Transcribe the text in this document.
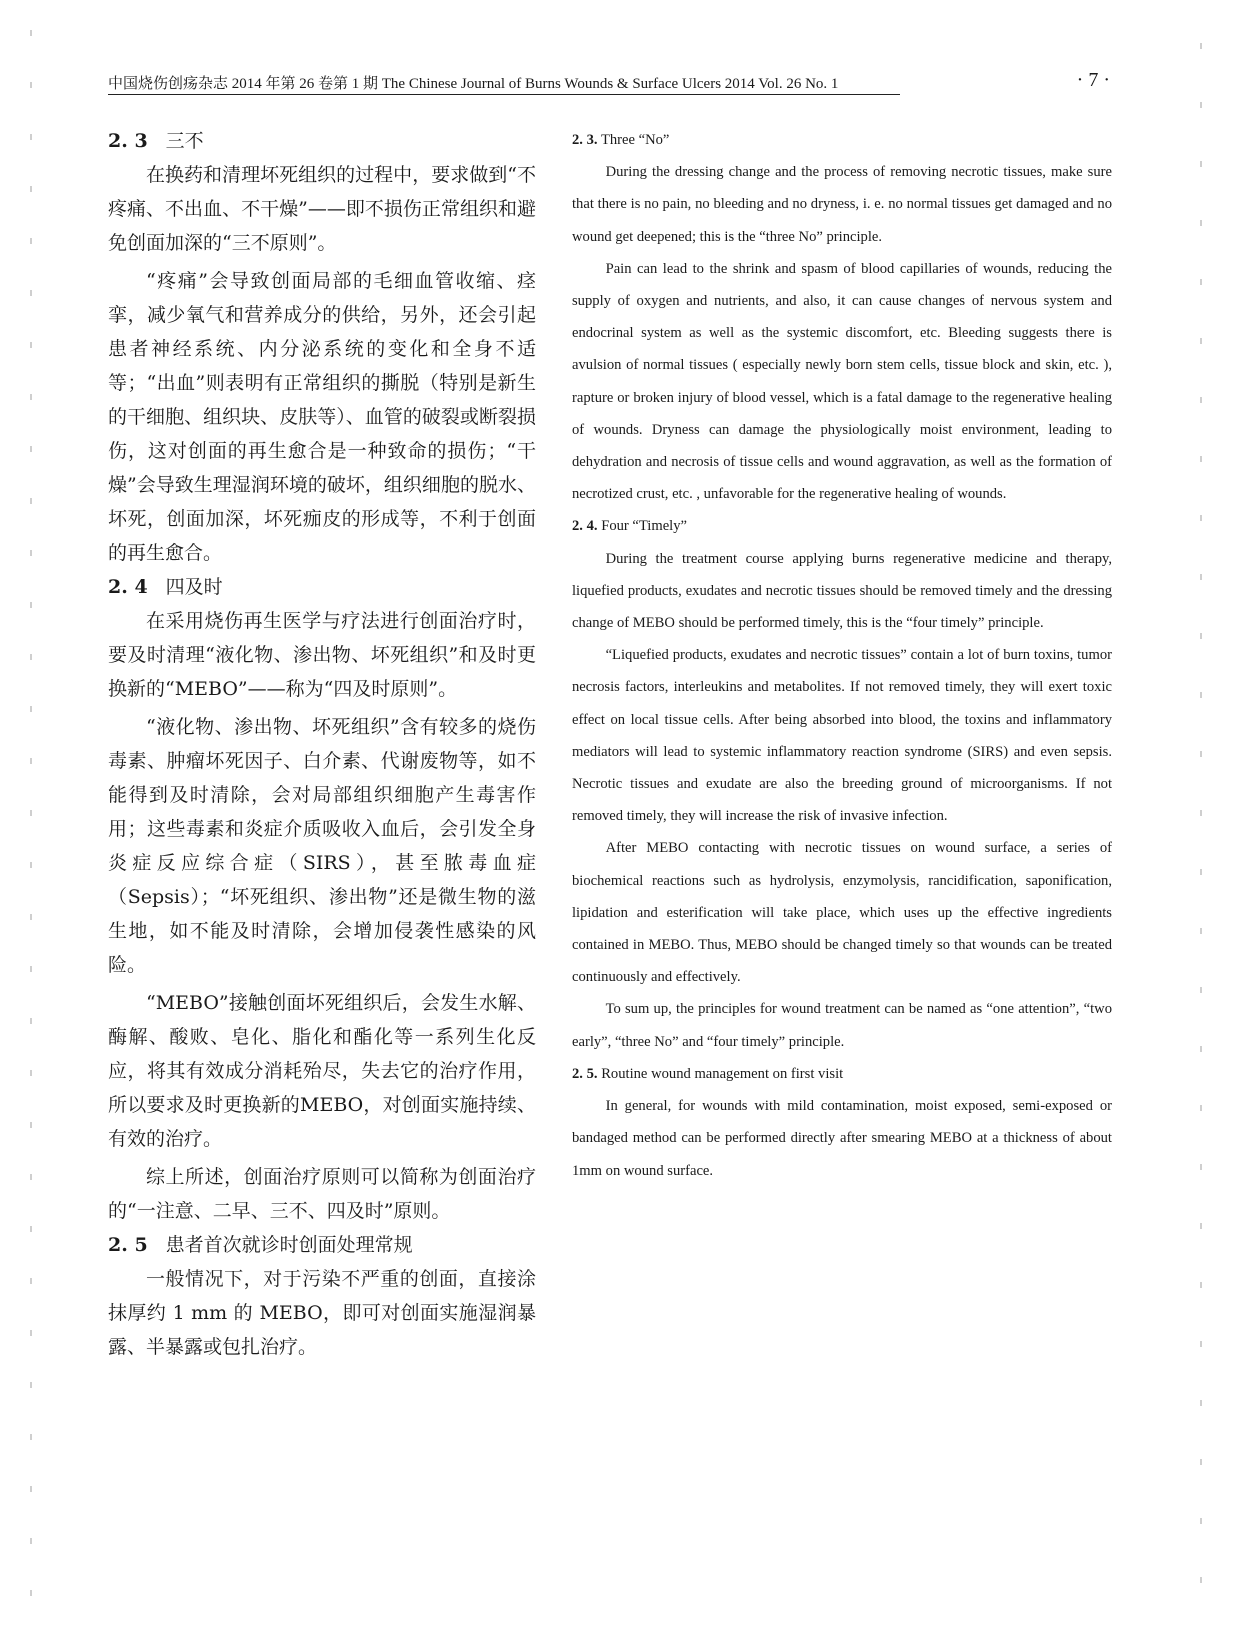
中国烧伤创疡杂志 2014 年第 26 卷第 1 期 The Chinese Journal of Burns Wounds & Surface Ulcers 2014 Vol. 26 No. 1	· 7 ·

2. 3 三不

在换药和清理坏死组织的过程中，要求做到“不疼痛、不出血、不干燥”——即不损伤正常组织和避免创面加深的“三不原则”。

“疼痛”会导致创面局部的毛细血管收缩、痉挛，减少氧气和营养成分的供给，另外，还会引起患者神经系统、内分泌系统的变化和全身不适等；“出血”则表明有正常组织的撕脱（特别是新生的干细胞、组织块、皮肤等）、血管的破裂或断裂损伤，这对创面的再生愈合是一种致命的损伤；“干燥”会导致生理湿润环境的破坏，组织细胞的脱水、坏死，创面加深，坏死痂皮的形成等，不利于创面的再生愈合。

2. 4 四及时

在采用烧伤再生医学与疗法进行创面治疗时，要及时清理“液化物、渗出物、坏死组织”和及时更换新的“MEBO”——称为“四及时原则”。

“液化物、渗出物、坏死组织”含有较多的烧伤毒素、肿瘤坏死因子、白介素、代谢废物等，如不能得到及时清除，会对局部组织细胞产生毒害作用；这些毒素和炎症介质吸收入血后，会引发全身炎症反应综合症（SIRS），甚至脓毒血症（Sepsis）；“坏死组织、渗出物”还是微生物的滋生地，如不能及时清除，会增加侵袭性感染的风险。

“MEBO”接触创面坏死组织后，会发生水解、酶解、酸败、皂化、脂化和酯化等一系列生化反应，将其有效成分消耗殆尽，失去它的治疗作用，所以要求及时更换新的MEBO，对创面实施持续、有效的治疗。

综上所述，创面治疗原则可以简称为创面治疗的“一注意、二早、三不、四及时”原则。

2. 5 患者首次就诊时创面处理常规

一般情况下，对于污染不严重的创面，直接涂抹厚约 1 mm 的 MEBO，即可对创面实施湿润暴露、半暴露或包扎治疗。

2. 3. Three “No”

During the dressing change and the process of removing necrotic tissues, make sure that there is no pain, no bleeding and no dryness, i. e. no normal tissues get damaged and no wound get deepened; this is the “three No” principle.

Pain can lead to the shrink and spasm of blood capillaries of wounds, reducing the supply of oxygen and nutrients, and also, it can cause changes of nervous system and endocrinal system as well as the systemic discomfort, etc. Bleeding suggests there is avulsion of normal tissues ( especially newly born stem cells, tissue block and skin, etc. ), rapture or broken injury of blood vessel, which is a fatal damage to the regenerative healing of wounds. Dryness can damage the physiologically moist environment, leading to dehydration and necrosis of tissue cells and wound aggravation, as well as the formation of necrotized crust, etc. , unfavorable for the regenerative healing of wounds.

2. 4. Four “Timely”

During the treatment course applying burns regenerative medicine and therapy, liquefied products, exudates and necrotic tissues should be removed timely and the dressing change of MEBO should be performed timely, this is the “four timely” principle.

“Liquefied products, exudates and necrotic tissues” contain a lot of burn toxins, tumor necrosis factors, interleukins and metabolites. If not removed timely, they will exert toxic effect on local tissue cells. After being absorbed into blood, the toxins and inflammatory mediators will lead to systemic inflammatory reaction syndrome (SIRS) and even sepsis. Necrotic tissues and exudate are also the breeding ground of microorganisms. If not removed timely, they will increase the risk of invasive infection.

After MEBO contacting with necrotic tissues on wound surface, a series of biochemical reactions such as hydrolysis, enzymolysis, rancidification, saponification, lipidation and esterification will take place, which uses up the effective ingredients contained in MEBO. Thus, MEBO should be changed timely so that wounds can be treated continuously and effectively.

To sum up, the principles for wound treatment can be named as “one attention”, “two early”, “three No” and “four timely” principle.

2. 5. Routine wound management on first visit

In general, for wounds with mild contamination, moist exposed, semi-exposed or bandaged method can be performed directly after smearing MEBO at a thickness of about 1mm on wound surface.
